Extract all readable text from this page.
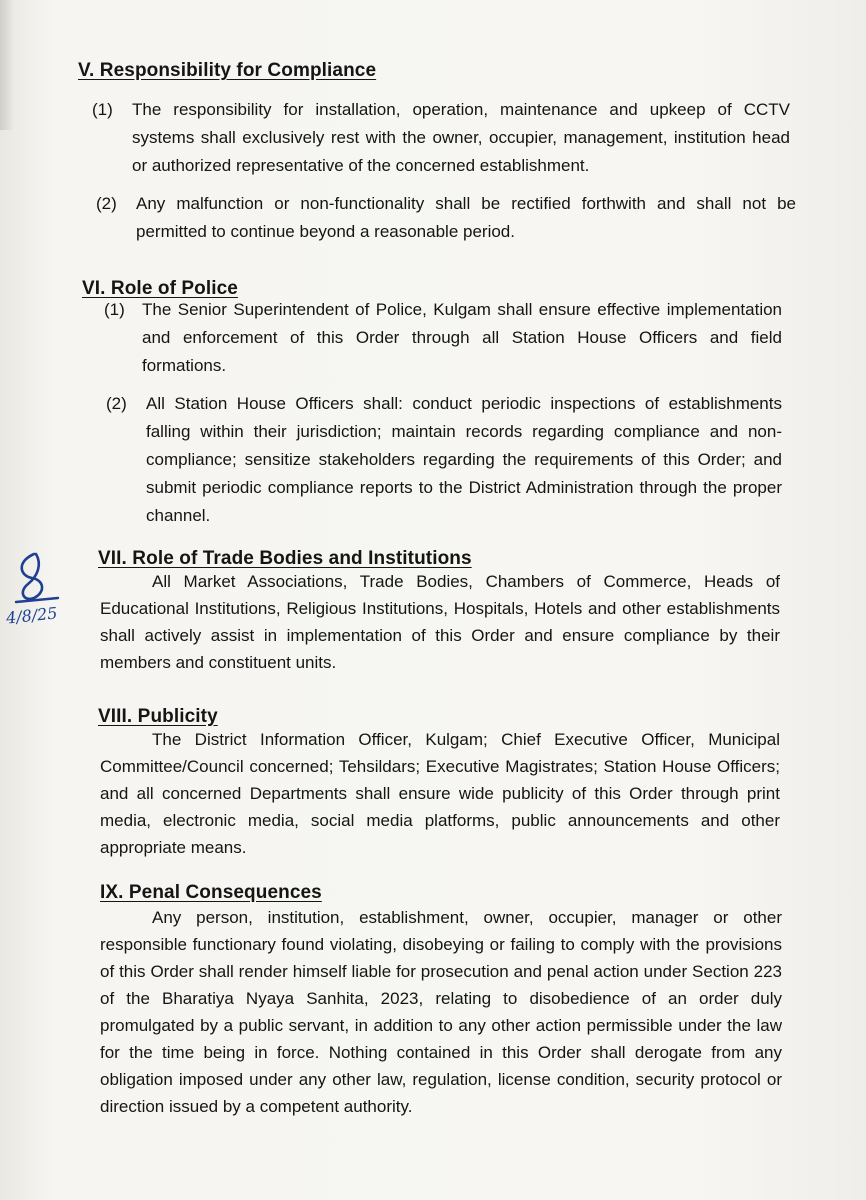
V. Responsibility for Compliance
(1) The responsibility for installation, operation, maintenance and upkeep of CCTV systems shall exclusively rest with the owner, occupier, management, institution head or authorized representative of the concerned establishment.
(2) Any malfunction or non-functionality shall be rectified forthwith and shall not be permitted to continue beyond a reasonable period.
VI. Role of Police
(1) The Senior Superintendent of Police, Kulgam shall ensure effective implementation and enforcement of this Order through all Station House Officers and field formations.
(2) All Station House Officers shall: conduct periodic inspections of establishments falling within their jurisdiction; maintain records regarding compliance and non-compliance; sensitize stakeholders regarding the requirements of this Order; and submit periodic compliance reports to the District Administration through the proper channel.
4/8/25
VII. Role of Trade Bodies and Institutions
All Market Associations, Trade Bodies, Chambers of Commerce, Heads of Educational Institutions, Religious Institutions, Hospitals, Hotels and other establishments shall actively assist in implementation of this Order and ensure compliance by their members and constituent units.
VIII. Publicity
The District Information Officer, Kulgam; Chief Executive Officer, Municipal Committee/Council concerned; Tehsildars; Executive Magistrates; Station House Officers; and all concerned Departments shall ensure wide publicity of this Order through print media, electronic media, social media platforms, public announcements and other appropriate means.
IX. Penal Consequences
Any person, institution, establishment, owner, occupier, manager or other responsible functionary found violating, disobeying or failing to comply with the provisions of this Order shall render himself liable for prosecution and penal action under Section 223 of the Bharatiya Nyaya Sanhita, 2023, relating to disobedience of an order duly promulgated by a public servant, in addition to any other action permissible under the law for the time being in force. Nothing contained in this Order shall derogate from any obligation imposed under any other law, regulation, license condition, security protocol or direction issued by a competent authority.
